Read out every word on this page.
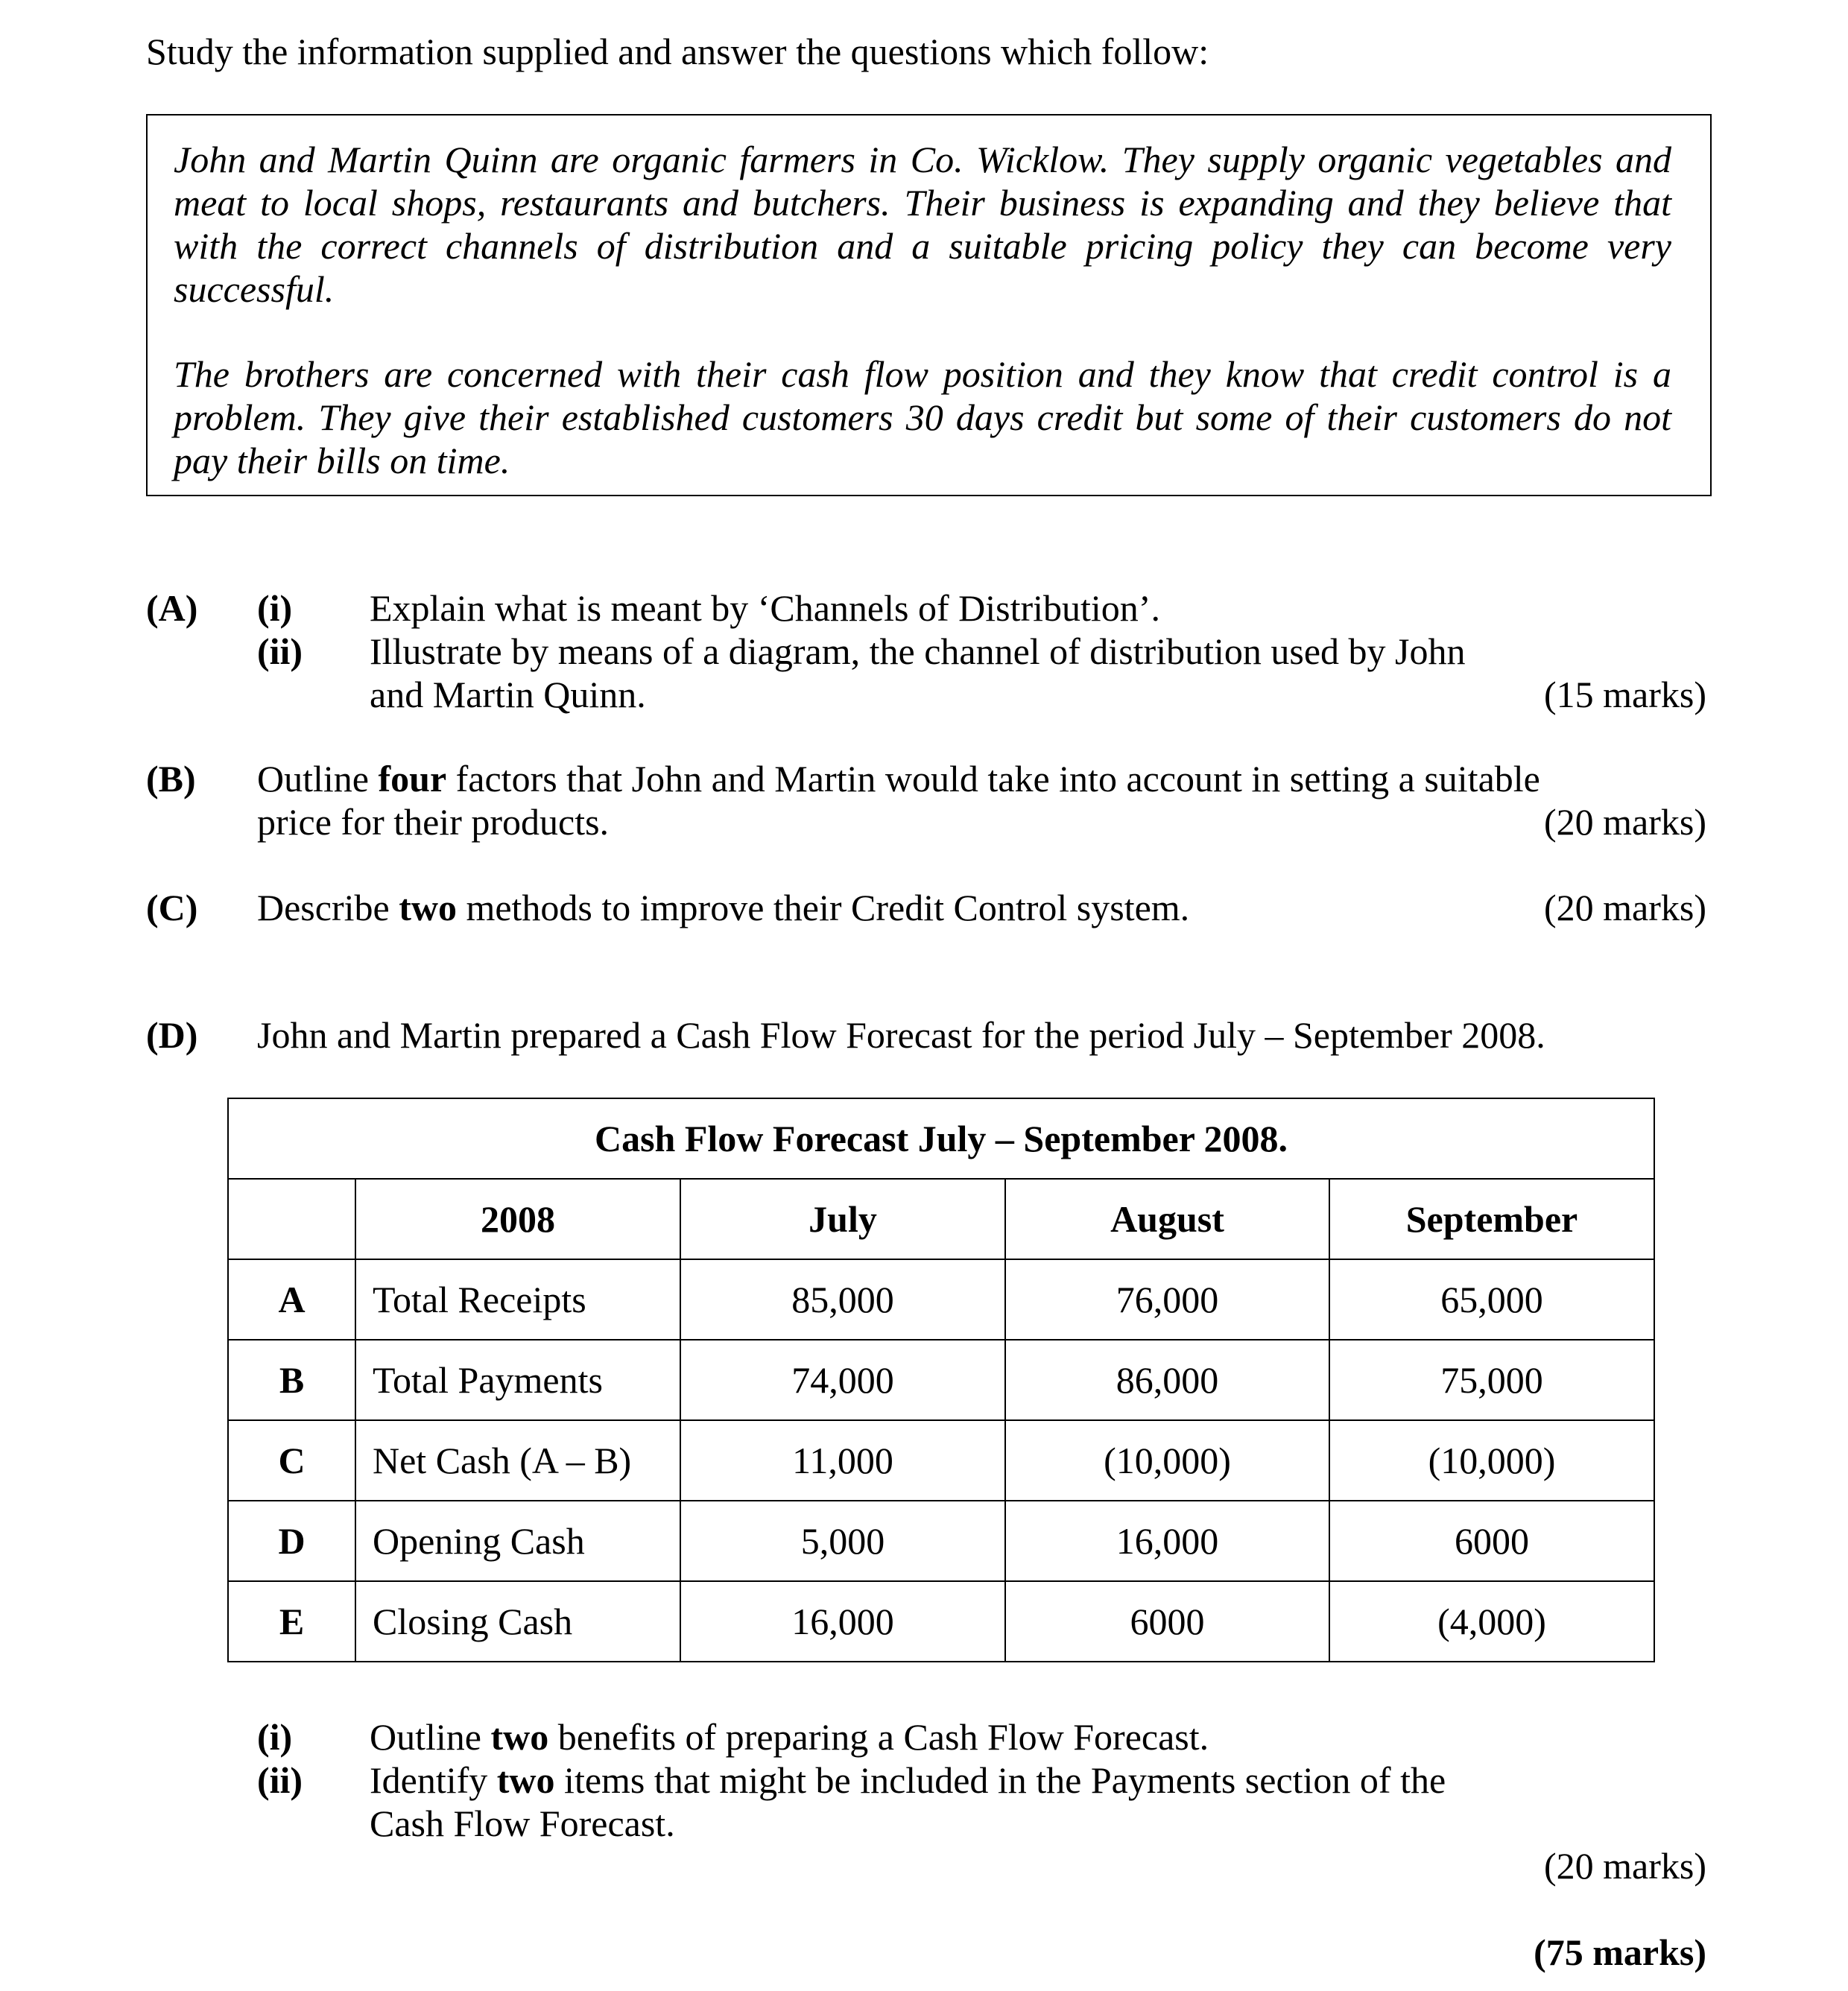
Study the information supplied and answer the questions which follow:
John and Martin Quinn are organic farmers in Co. Wicklow. They supply organic vegetables and meat to local shops, restaurants and butchers. Their business is expanding and they believe that with the correct channels of distribution and a suitable pricing policy they can become very successful.
The brothers are concerned with their cash flow position and they know that credit control is a problem. They give their established customers 30 days credit but some of their customers do not pay their bills on time.
(A) (i) Explain what is meant by ‘Channels of Distribution’.
(ii) Illustrate by means of a diagram, the channel of distribution used by John
and Martin Quinn.	(15 marks)
(B) Outline four factors that John and Martin would take into account in setting a suitable
price for their products.	(20 marks)
(C) Describe two methods to improve their Credit Control system.	(20 marks)
(D) John and Martin prepared a Cash Flow Forecast for the period July – September 2008.
Cash Flow Forecast July – September 2008.				
	2008	July	August	September
A	Total Receipts	85,000	76,000	65,000
B	Total Payments	74,000	86,000	75,000
C	Net Cash (A – B)	11,000	(10,000)	(10,000)
D	Opening Cash	5,000	16,000	6000
E	Closing Cash	16,000	6000	(4,000)
(i) Outline two benefits of preparing a Cash Flow Forecast.
(ii) Identify two items that might be included in the Payments section of the
Cash Flow Forecast.
(20 marks)
(75 marks)
